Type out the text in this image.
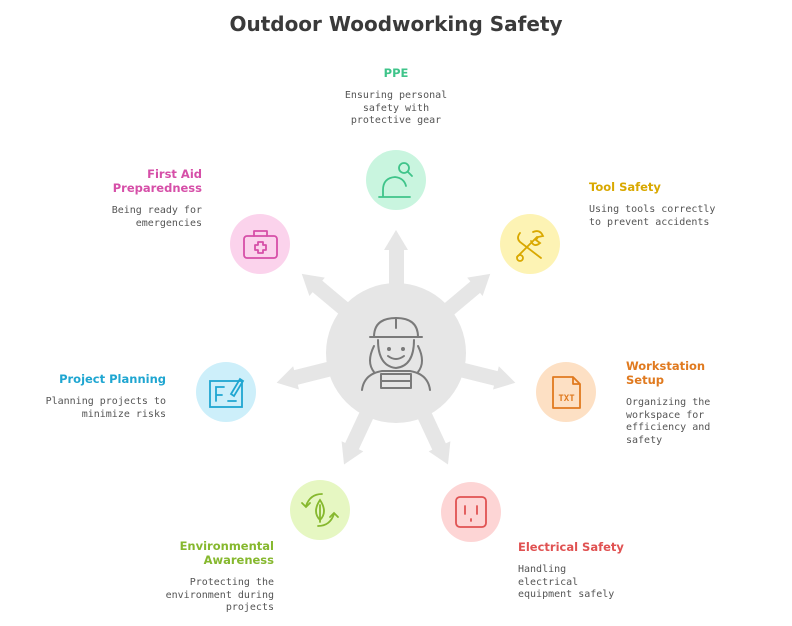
Outdoor Woodworking Safety
TXT
PPE
Ensuring personal safety with protective gear
Tool Safety
Using tools correctly to prevent accidents
Workstation Setup
Organizing the workspace for efficiency and safety
Electrical Safety
Handling electrical equipment safely
Environmental Awareness
Protecting the environment during projects
Project Planning
Planning projects to minimize risks
First Aid Preparedness
Being ready for emergencies
